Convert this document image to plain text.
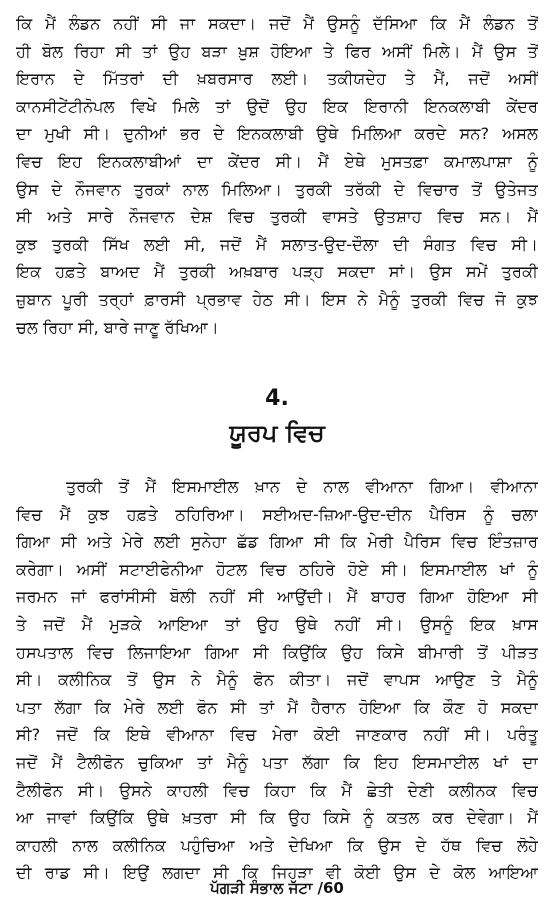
ਕਿ ਮੈਂ ਲੰਡਨ ਨਹੀਂ ਸੀ ਜਾ ਸਕਦਾ। ਜਦੋਂ ਮੈਂ ਉਸਨੂੰ ਦੱਸਿਆ ਕਿ ਮੈਂ ਲੰਡਨ ਤੋਂ
ਹੀ ਬੋਲ ਰਿਹਾ ਸੀ ਤਾਂ ਉਹ ਬੜਾ ਖ਼ੁਸ਼ ਹੋਇਆ ਤੇ ਫਿਰ ਅਸੀਂ ਮਿਲੇ। ਮੈਂ ਉਸ ਤੋਂ
ਇਰਾਨ ਦੇ ਮਿੱਤਰਾਂ ਦੀ ਖ਼ਬਰਸਾਰ ਲਈ। ਤਕੀਯਦੇਹ ਤੇ ਮੈਂ, ਜਦੋਂ ਅਸੀਂ
ਕਾਨਸੀਟੇਂਟੀਨੋਪਲ ਵਿਖੇ ਮਿਲੇ ਤਾਂ ਉਦੋਂ ਉਹ ਇਕ ਇਰਾਨੀ ਇਨਕਲਾਬੀ ਕੇਂਦਰ
ਦਾ ਮੁਖੀ ਸੀ। ਦੁਨੀਆਂ ਭਰ ਦੇ ਇਨਕਲਾਬੀ ਉਥੇ ਮਿਲਿਆ ਕਰਦੇ ਸਨ? ਅਸਲ
ਵਿਚ ਇਹ ਇਨਕਲਾਬੀਆਂ ਦਾ ਕੇਂਦਰ ਸੀ। ਮੈਂ ਏਥੇ ਮੁਸਤਫ਼ਾ ਕਮਾਲਪਾਸ਼ਾ ਨੂੰ
ਉਸ ਦੇ ਨੌਜਵਾਨ ਤੁਰਕਾਂ ਨਾਲ ਮਿਲਿਆ। ਤੁਰਕੀ ਤਰੱਕੀ ਦੇ ਵਿਚਾਰ ਤੋਂ ਉਤੇਜਤ
ਸੀ ਅਤੇ ਸਾਰੇ ਨੌਜਵਾਨ ਦੇਸ਼ ਵਿਚ ਤੁਰਕੀ ਵਾਸਤੇ ਉਤਸ਼ਾਹ ਵਿਚ ਸਨ। ਮੈਂ
ਕੁਝ ਤੁਰਕੀ ਸਿੱਖ ਲਈ ਸੀ, ਜਦੋਂ ਮੈਂ ਸਲਾਤ-ਉਦ-ਦੌਲਾ ਦੀ ਸੰਗਤ ਵਿਚ ਸੀ।
ਇਕ ਹਫ਼ਤੇ ਬਾਅਦ ਮੈਂ ਤੁਰਕੀ ਅਖ਼ਬਾਰ ਪੜ੍ਹ ਸਕਦਾ ਸਾਂ। ਉਸ ਸਮੇਂ ਤੁਰਕੀ
ਜ਼ੁਬਾਨ ਪੂਰੀ ਤਰ੍ਹਾਂ ਫ਼ਾਰਸੀ ਪ੍ਰਭਾਵ ਹੇਠ ਸੀ। ਇਸ ਨੇ ਮੈਨੂੰ ਤੁਰਕੀ ਵਿਚ ਜੋ ਕੁਝ
ਚਲ ਰਿਹਾ ਸੀ, ਬਾਰੇ ਜਾਣੂ ਰੱਖਿਆ।
4.
ਯੂਰਪ ਵਿਚ
ਤੁਰਕੀ ਤੋਂ ਮੈਂ ਇਸਮਾਈਲ ਖ਼ਾਨ ਦੇ ਨਾਲ ਵੀਆਨਾ ਗਿਆ। ਵੀਆਨਾ
ਵਿਚ ਮੈਂ ਕੁਝ ਹਫ਼ਤੇ ਠਹਿਰਿਆ। ਸਈਅਦ-ਜ਼ਿਆ-ਉਦ-ਦੀਨ ਪੈਰਿਸ ਨੂੰ ਚਲਾ
ਗਿਆ ਸੀ ਅਤੇ ਮੇਰੇ ਲਈ ਸੁਨੇਹਾ ਛੱਡ ਗਿਆ ਸੀ ਕਿ ਮੇਰੀ ਪੈਰਿਸ ਵਿਚ ਇੰਤਜ਼ਾਰ
ਕਰੇਗਾ। ਅਸੀਂ ਸਟਾਈਫੇਨੀਆ ਹੋਟਲ ਵਿਚ ਠਹਿਰੇ ਹੋਏ ਸੀ। ਇਸਮਾਈਲ ਖਾਂ ਨੂੰ
ਜਰਮਨ ਜਾਂ ਫਰਾਂਸੀਸੀ ਬੋਲੀ ਨਹੀਂ ਸੀ ਆਉਂਦੀ। ਮੈਂ ਬਾਹਰ ਗਿਆ ਹੋਇਆ ਸੀ
ਤੇ ਜਦੋਂ ਮੈਂ ਮੁੜਕੇ ਆਇਆ ਤਾਂ ਉਹ ਉਥੇ ਨਹੀਂ ਸੀ। ਉਸਨੂੰ ਇਕ ਖ਼ਾਸ
ਹਸਪਤਾਲ ਵਿਚ ਲਿਜਾਇਆ ਗਿਆ ਸੀ ਕਿਉਂਕਿ ਉਹ ਕਿਸੇ ਬੀਮਾਰੀ ਤੋਂ ਪੀੜਤ
ਸੀ। ਕਲੀਨਿਕ ਤੋਂ ਉਸ ਨੇ ਮੈਨੂੰ ਫੋਨ ਕੀਤਾ। ਜਦੋਂ ਵਾਪਸ ਆਉਣ ਤੇ ਮੈਨੂੰ
ਪਤਾ ਲੱਗਾ ਕਿ ਮੇਰੇ ਲਈ ਫੋਨ ਸੀ ਤਾਂ ਮੈਂ ਹੈਰਾਨ ਹੋਇਆ ਕਿ ਕੌਣ ਹੋ ਸਕਦਾ
ਸੀ? ਜਦੋਂ ਕਿ ਇਥੇ ਵੀਆਨਾ ਵਿਚ ਮੇਰਾ ਕੋਈ ਜਾਣਕਾਰ ਨਹੀਂ ਸੀ। ਪਰੰਤੂ
ਜਦੋਂ ਮੈਂ ਟੈਲੀਫੋਨ ਚੁਕਿਆ ਤਾਂ ਮੈਨੂੰ ਪਤਾ ਲੱਗਾ ਕਿ ਇਹ ਇਸਮਾਈਲ ਖਾਂ ਦਾ
ਟੈਲੀਫੋਨ ਸੀ। ਉਸਨੇ ਕਾਹਲੀ ਵਿਚ ਕਿਹਾ ਕਿ ਮੈਂ ਛੇਤੀ ਦੇਣੀ ਕਲੀਨਕ ਵਿਚ
ਆ ਜਾਵਾਂ ਕਿਉਂਕਿ ਉਥੇ ਖ਼ਤਰਾ ਸੀ ਕਿ ਉਹ ਕਿਸੇ ਨੂੰ ਕਤਲ ਕਰ ਦੇਵੇਗਾ। ਮੈਂ
ਕਾਹਲੀ ਨਾਲ ਕਲੀਨਿਕ ਪਹੁੰਚਿਆ ਅਤੇ ਦੇਖਿਆ ਕਿ ਉਸ ਦੇ ਹੱਥ ਵਿਚ ਲੋਹੇ
ਦੀ ਰਾਡ ਸੀ। ਇਉਂ ਲਗਦਾ ਸੀ ਕਿ ਜਿਹੜਾ ਵੀ ਕੋਈ ਉਸ ਦੇ ਕੋਲ ਆਇਆ
ਪੱਗੜੀ ਸੰਭਾਲ ਜੱਟਾ /60
